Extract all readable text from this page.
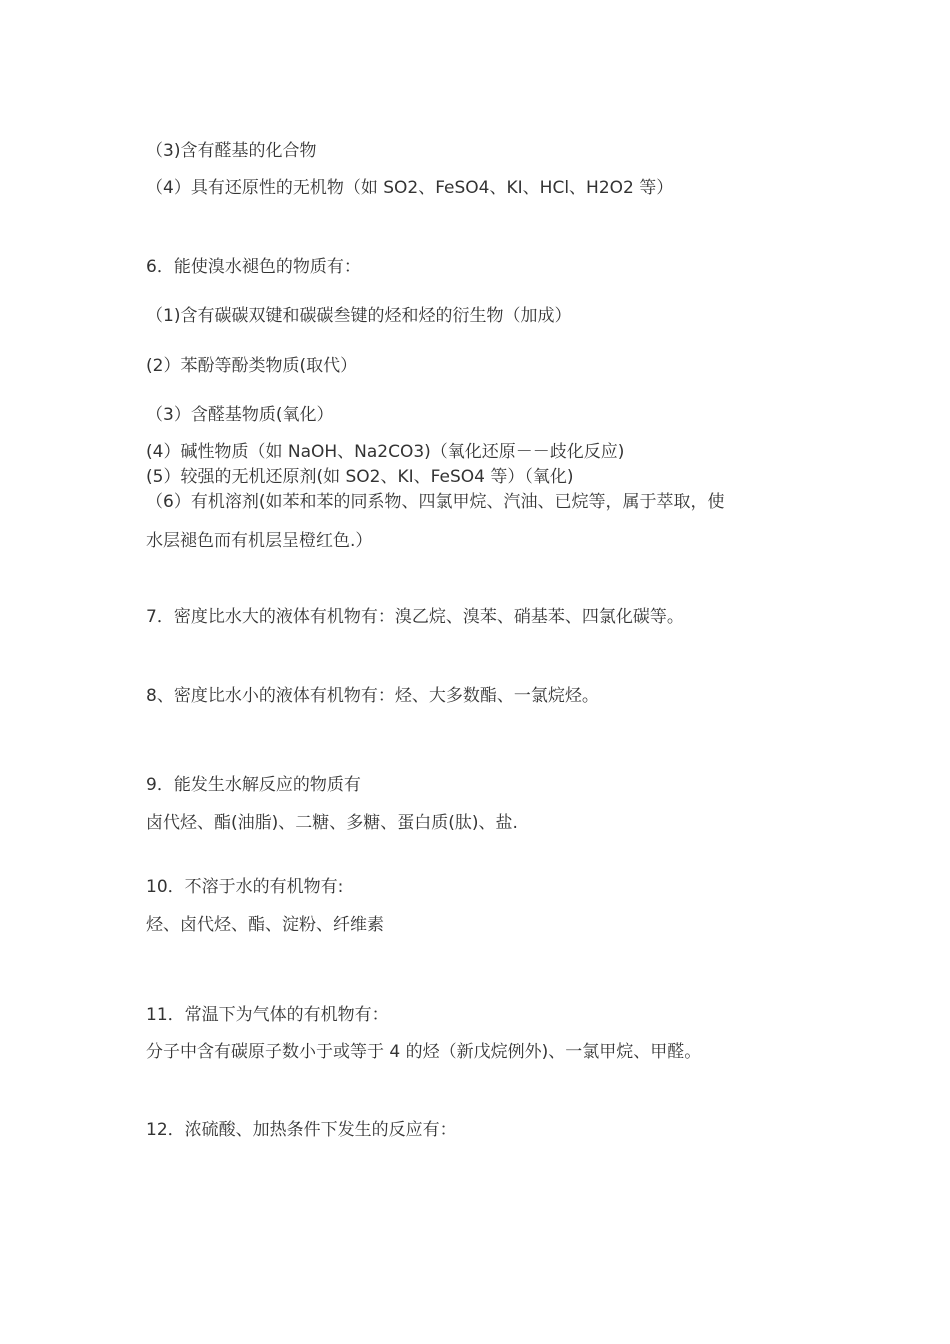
（3)含有醛基的化合物
（4）具有还原性的无机物（如 SO2、FeSO4、KI、HCl、H2O2 等）
6．能使溴水褪色的物质有：
（1)含有碳碳双键和碳碳叁键的烃和烃的衍生物（加成）
(2）苯酚等酚类物质(取代）
（3）含醛基物质(氧化）
(4）碱性物质（如 NaOH、Na2CO3)（氧化还原－－歧化反应)
(5）较强的无机还原剂(如 SO2、KI、FeSO4 等）（氧化)
（6）有机溶剂(如苯和苯的同系物、四氯甲烷、汽油、已烷等，属于萃取，使
水层褪色而有机层呈橙红色.）
7．密度比水大的液体有机物有：溴乙烷、溴苯、硝基苯、四氯化碳等。
8、密度比水小的液体有机物有：烃、大多数酯、一氯烷烃。
9．能发生水解反应的物质有
卤代烃、酯(油脂)、二糖、多糖、蛋白质(肽)、盐.
10．不溶于水的有机物有:
烃、卤代烃、酯、淀粉、纤维素
11．常温下为气体的有机物有：
分子中含有碳原子数小于或等于 4 的烃（新戊烷例外)、一氯甲烷、甲醛。
12．浓硫酸、加热条件下发生的反应有：
